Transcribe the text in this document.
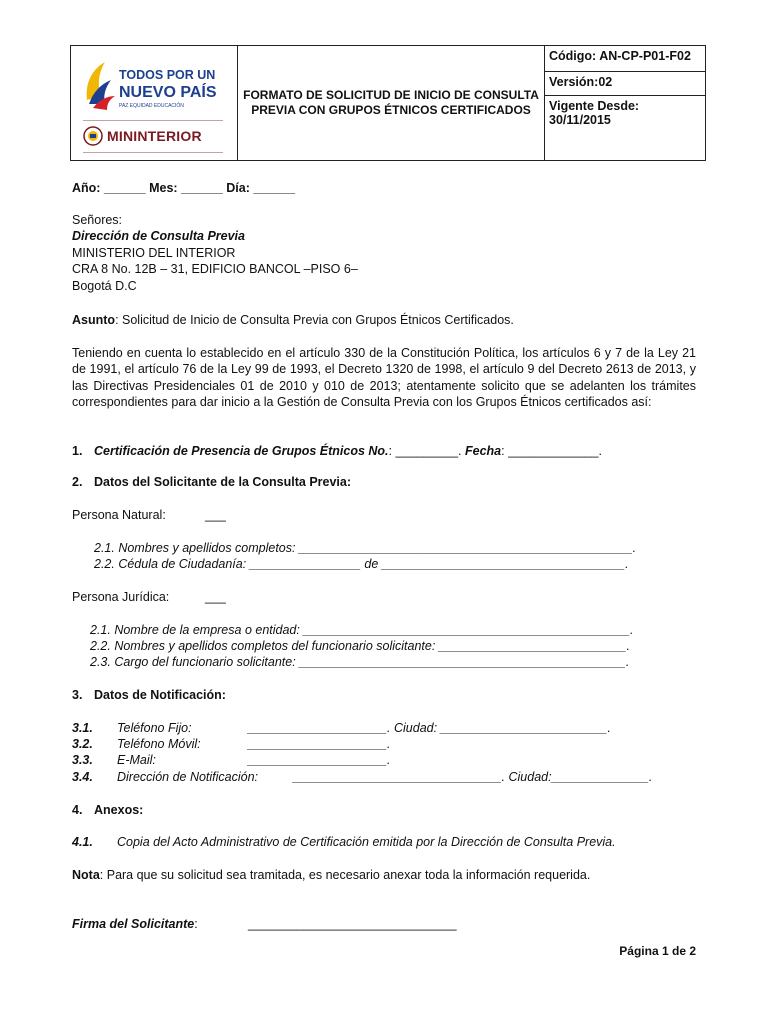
TODOS POR UN
NUEVO PAÍS
PAZ EQUIDAD EDUCACIÓN
MININTERIOR
FORMATO DE SOLICITUD DE INICIO DE CONSULTA PREVIA CON GRUPOS ÉTNICOS CERTIFICADOS
Código: AN-CP-P01-F02
Versión:02
Vigente Desde:
30/11/2015
Año: ______ Mes: ______ Día: ______
Señores:
Dirección de Consulta Previa
MINISTERIO DEL INTERIOR
CRA 8 No. 12B – 31, EDIFICIO BANCOL –PISO 6–
Bogotá D.C
Asunto: Solicitud de Inicio de Consulta Previa con Grupos Étnicos Certificados.
Teniendo en cuenta lo establecido en el artículo 330 de la Constitución Política, los artículos 6 y 7 de la Ley 21 de 1991, el artículo 76 de la Ley 99 de 1993, el Decreto 1320 de 1998, el artículo 9 del Decreto 2613 de 2013, y las Directivas Presidenciales 01 de 2010 y 010 de 2013; atentamente solicito que se adelanten los trámites correspondientes para dar inicio a la Gestión de Consulta Previa con los Grupos Étnicos certificados así:
1. Certificación de Presencia de Grupos Étnicos No.: _________. Fecha: _____________.
2. Datos del Solicitante de la Consulta Previa:
Persona Natural:	___
2.1. Nombres y apellidos completos: ________________________________________________.
2.2. Cédula de Ciudadanía: ________________ de ___________________________________.
Persona Jurídica:	___
2.1. Nombre de la empresa o entidad: _______________________________________________.
2.2. Nombres y apellidos completos del funcionario solicitante: ___________________________.
2.3. Cargo del funcionario solicitante: _______________________________________________.
3. Datos de Notificación:
3.1. Teléfono Fijo:	____________________. Ciudad: ________________________.
3.2. Teléfono Móvil:	____________________.
3.3. E-Mail:	____________________.
3.4. Dirección de Notificación:	______________________________. Ciudad:______________.
4. Anexos:
4.1. Copia del Acto Administrativo de Certificación emitida por la Dirección de Consulta Previa.
Nota: Para que su solicitud sea tramitada, es necesario anexar toda la información requerida.
Firma del Solicitante:	______________________________
Página 1 de 2
